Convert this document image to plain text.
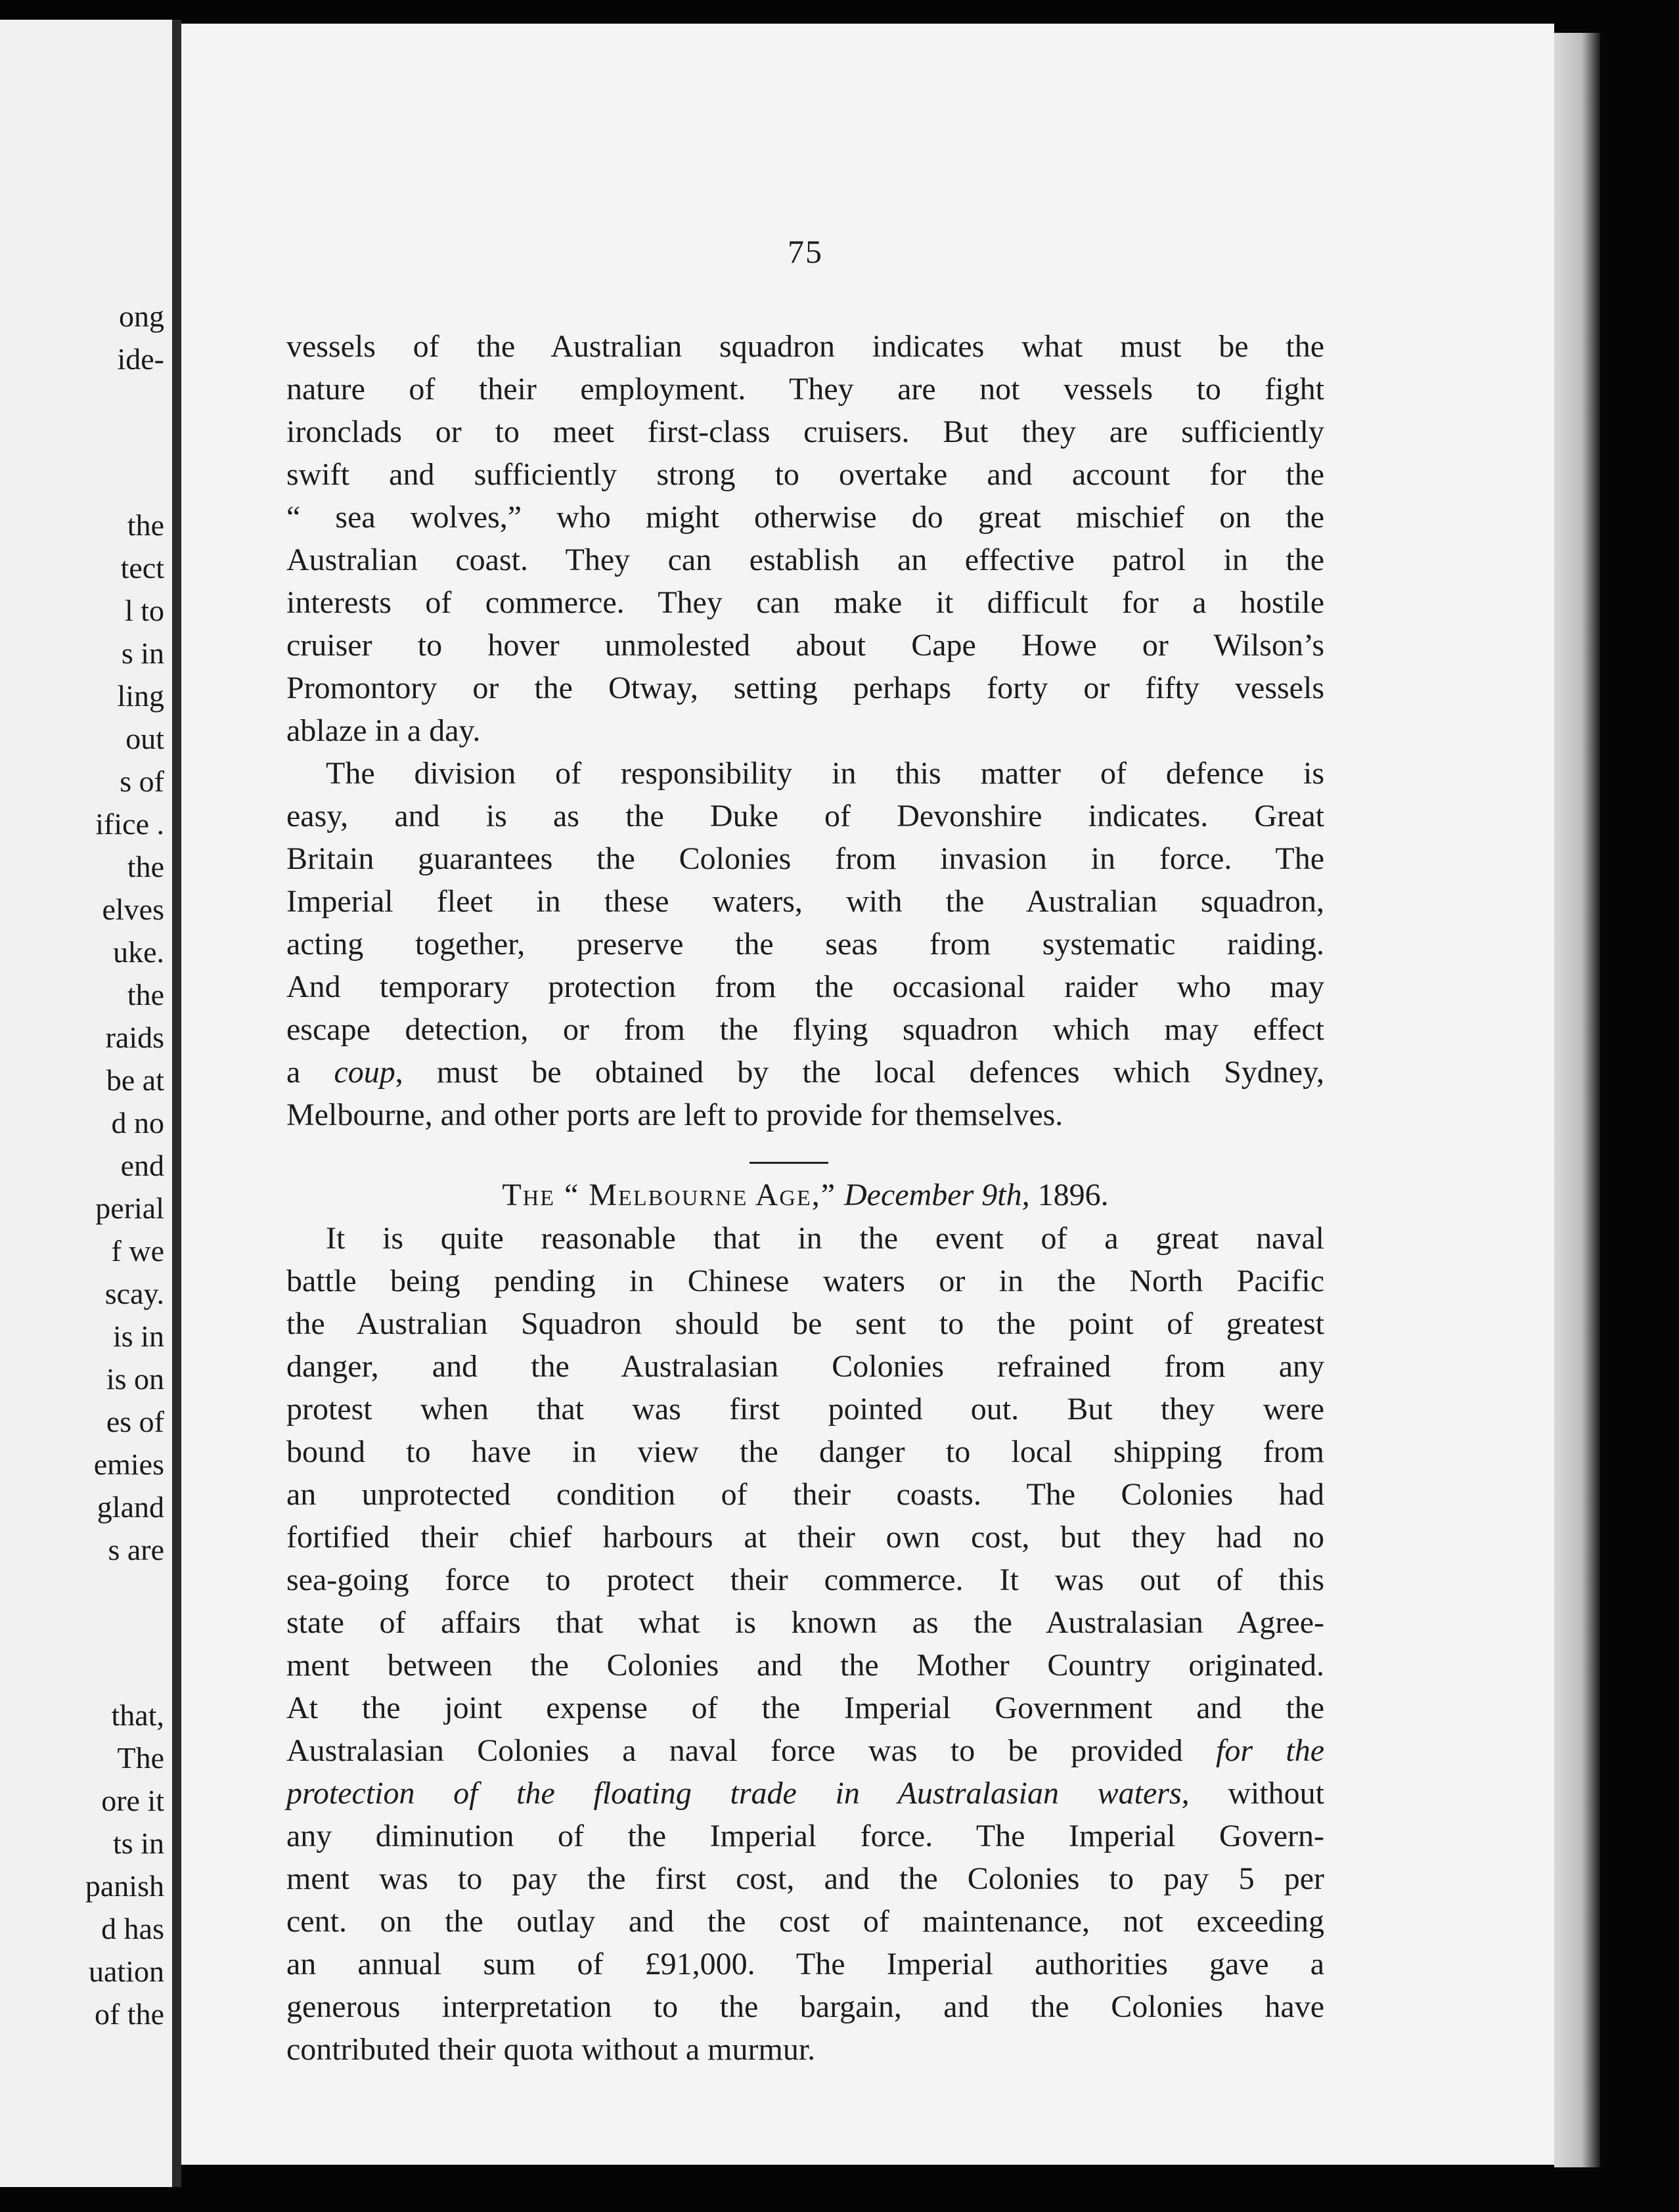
ong
ide-
the
tect
l to
s in
ling
out
s of
ifice .
the
elves
uke.
the
raids
be at
d no
end
perial
f we
scay.
is in
is on
es of
emies
gland
s are
that,
The
ore it
ts in
panish
d has
uation
of the
75
vessels of the Australian squadron indicates what must be the
nature of their employment. They are not vessels to fight
ironclads or to meet first-class cruisers. But they are sufficiently
swift and sufficiently strong to overtake and account for the
“ sea wolves,” who might otherwise do great mischief on the
Australian coast. They can establish an effective patrol in the
interests of commerce. They can make it difficult for a hostile
cruiser to hover unmolested about Cape Howe or Wilson’s
Promontory or the Otway, setting perhaps forty or fifty vessels
ablaze in a day.
The division of responsibility in this matter of defence is
easy, and is as the Duke of Devonshire indicates. Great
Britain guarantees the Colonies from invasion in force. The
Imperial fleet in these waters, with the Australian squadron,
acting together, preserve the seas from systematic raiding.
And temporary protection from the occasional raider who may
escape detection, or from the flying squadron which may effect
a coup, must be obtained by the local defences which Sydney,
Melbourne, and other ports are left to provide for themselves.
The “ Melbourne Age,” December 9th, 1896.
It is quite reasonable that in the event of a great naval
battle being pending in Chinese waters or in the North Pacific
the Australian Squadron should be sent to the point of greatest
danger, and the Australasian Colonies refrained from any
protest when that was first pointed out. But they were
bound to have in view the danger to local shipping from
an unprotected condition of their coasts. The Colonies had
fortified their chief harbours at their own cost, but they had no
sea-going force to protect their commerce. It was out of this
state of affairs that what is known as the Australasian Agree-
ment between the Colonies and the Mother Country originated.
At the joint expense of the Imperial Government and the
Australasian Colonies a naval force was to be provided for the
protection of the floating trade in Australasian waters, without
any diminution of the Imperial force. The Imperial Govern-
ment was to pay the first cost, and the Colonies to pay 5 per
cent. on the outlay and the cost of maintenance, not exceeding
an annual sum of £91,000. The Imperial authorities gave a
generous interpretation to the bargain, and the Colonies have
contributed their quota without a murmur.
